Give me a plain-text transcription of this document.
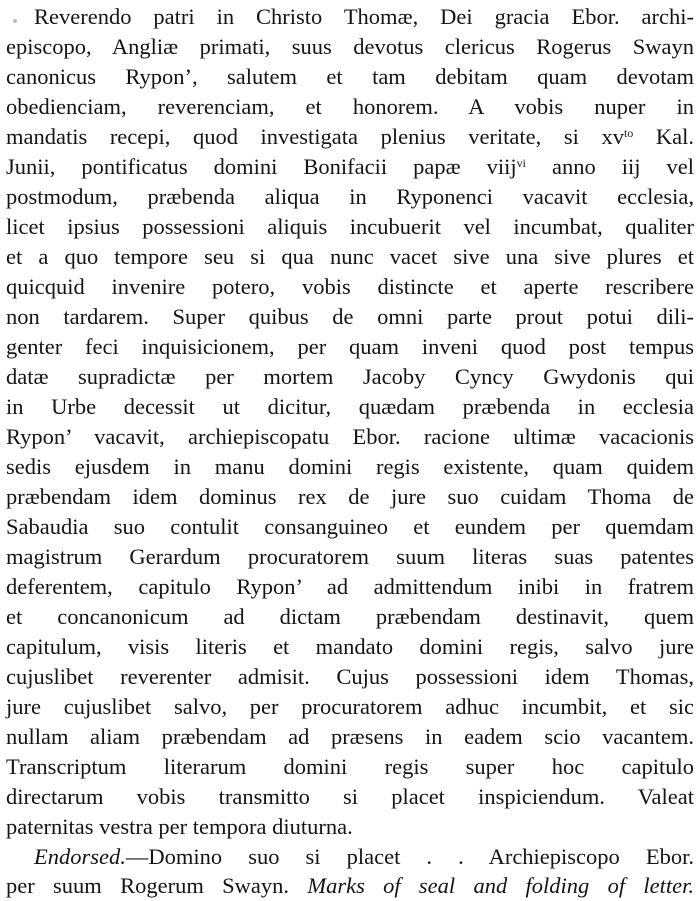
Reverendo patri in Christo Thomæ, Dei gracia Ebor. archi-
episcopo, Angliæ primati, suus devotus clericus Rogerus Swayn
canonicus Rypon’, salutem et tam debitam quam devotam
obedienciam, reverenciam, et honorem. A vobis nuper in
mandatis recepi, quod investigata plenius veritate, si $xv^{to}$ Kal.
Junii, pontificatus domini Bonifacii papæ viij$^{vi}$ anno iij vel
postmodum, præbenda aliqua in Ryponenci vacavit ecclesia,
licet ipsius possessioni aliquis incubuerit vel incumbat, qualiter
et a quo tempore seu si qua nunc vacet sive una sive plures et
quicquid invenire potero, vobis distincte et aperte rescribere
non tardarem. Super quibus de omni parte prout potui dili-
genter feci inquisicionem, per quam inveni quod post tempus
datæ supradictæ per mortem Jacoby Cyncy Gwydonis qui
in Urbe decessit ut dicitur, quædam præbenda in ecclesia
Rypon’ vacavit, archiepiscopatu Ebor. racione ultimæ vacacionis
sedis ejusdem in manu domini regis existente, quam quidem
præbendam idem dominus rex de jure suo cuidam Thoma de
Sabaudia suo contulit consanguineo et eundem per quemdam
magistrum Gerardum procuratorem suum literas suas patentes
deferentem, capitulo Rypon’ ad admittendum inibi in fratrem
et concanonicum ad dictam præbendam destinavit, quem
capitulum, visis literis et mandato domini regis, salvo jure
cujuslibet reverenter admisit. Cujus possessioni idem Thomas,
jure cujuslibet salvo, per procuratorem adhuc incumbit, et sic
nullam aliam præbendam ad præsens in eadem scio vacantem.
Transcriptum literarum domini regis super hoc capitulo
directarum vobis transmitto si placet inspiciendum. Valeat
paternitas vestra per tempora diuturna.
Endorsed.—Domino suo si placet . . Archiepiscopo Ebor.
per suum Rogerum Swayn. Marks of seal and folding of letter.
